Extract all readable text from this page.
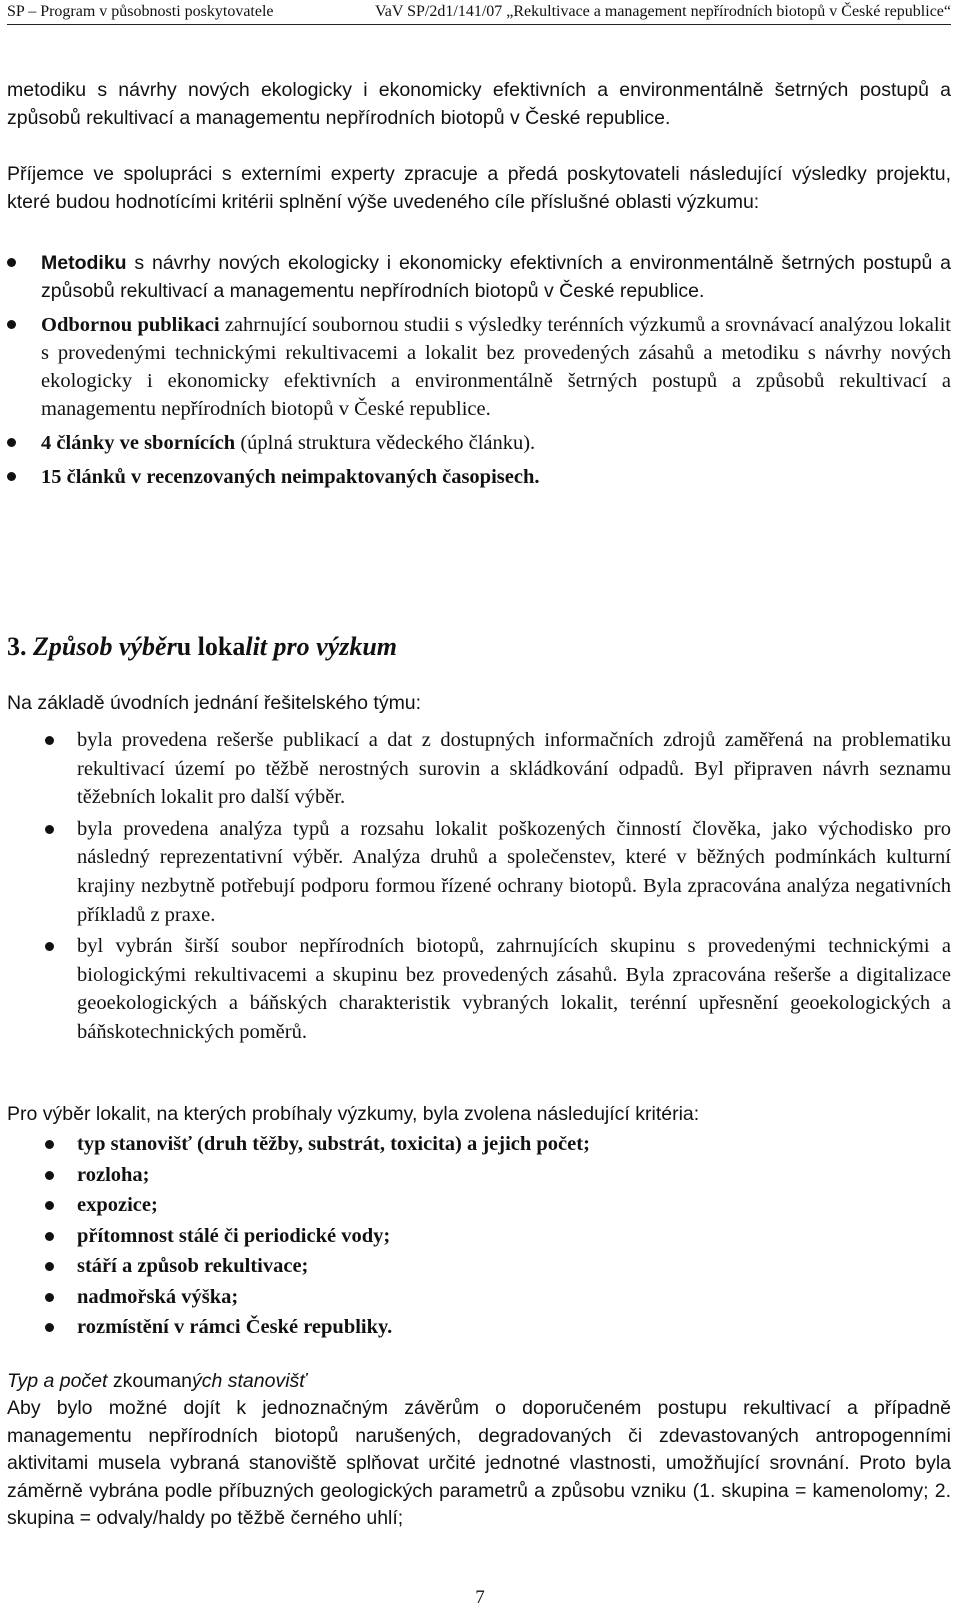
SP – Program v působnosti poskytovatele	VaV SP/2d1/141/07 „Rekultivace a management nepřírodních biotopů v České republice“

metodiku s návrhy nových ekologicky i ekonomicky efektivních a environmentálně šetrných postupů a způsobů rekultivací a managementu nepřírodních biotopů v České republice.

Příjemce ve spolupráci s externími experty zpracuje a předá poskytovateli následující výsledky projektu, které budou hodnotícími kritérii splnění výše uvedeného cíle příslušné oblasti výzkumu:

Metodiku s návrhy nových ekologicky i ekonomicky efektivních a environmentálně šetrných postupů a způsobů rekultivací a managementu nepřírodních biotopů v České republice.
Odbornou publikaci zahrnující soubornou studii s výsledky terénních výzkumů a srovnávací analýzou lokalit s provedenými technickými rekultivacemi a lokalit bez provedených zásahů a metodiku s návrhy nových ekologicky i ekonomicky efektivních a environmentálně šetrných postupů a způsobů rekultivací a managementu nepřírodních biotopů v České republice.
4 články ve sbornících (úplná struktura vědeckého článku).
15 článků v recenzovaných neimpaktovaných časopisech.
3. Způsob výběru lokalit pro výzkum

Na základě úvodních jednání řešitelského týmu:

byla provedena rešerše publikací a dat z dostupných informačních zdrojů zaměřená na problematiku rekultivací území po těžbě nerostných surovin a skládkování odpadů. Byl připraven návrh seznamu těžebních lokalit pro další výběr.
byla provedena analýza typů a rozsahu lokalit poškozených činností člověka, jako východisko pro následný reprezentativní výběr. Analýza druhů a společenstev, které v běžných podmínkách kulturní krajiny nezbytně potřebují podporu formou řízené ochrany biotopů. Byla zpracována analýza negativních příkladů z praxe.
byl vybrán širší soubor nepřírodních biotopů, zahrnujících skupinu s provedenými technickými a biologickými rekultivacemi a skupinu bez provedených zásahů. Byla zpracována rešerše a digitalizace geoekologických a báňských charakteristik vybraných lokalit, terénní upřesnění geoekologických a báňskotechnických poměrů.

Pro výběr lokalit, na kterých probíhaly výzkumy, byla zvolena následující kritéria:

typ stanovišť (druh těžby, substrát, toxicita) a jejich počet;
rozloha;
expozice;
přítomnost stálé či periodické vody;
stáří a způsob rekultivace;
nadmořská výška;
rozmístění v rámci České republiky.

Typ a počet zkoumaných stanovišť

Aby bylo možné dojít k jednoznačným závěrům o doporučeném postupu rekultivací a případně managementu nepřírodních biotopů narušených, degradovaných či zdevastovaných antropogenními aktivitami musela vybraná stanoviště splňovat určité jednotné vlastnosti, umožňující srovnání. Proto byla záměrně vybrána podle příbuzných geologických parametrů a způsobu vzniku (1. skupina = kamenolomy; 2. skupina = odvaly/haldy po těžbě černého uhlí;

7
